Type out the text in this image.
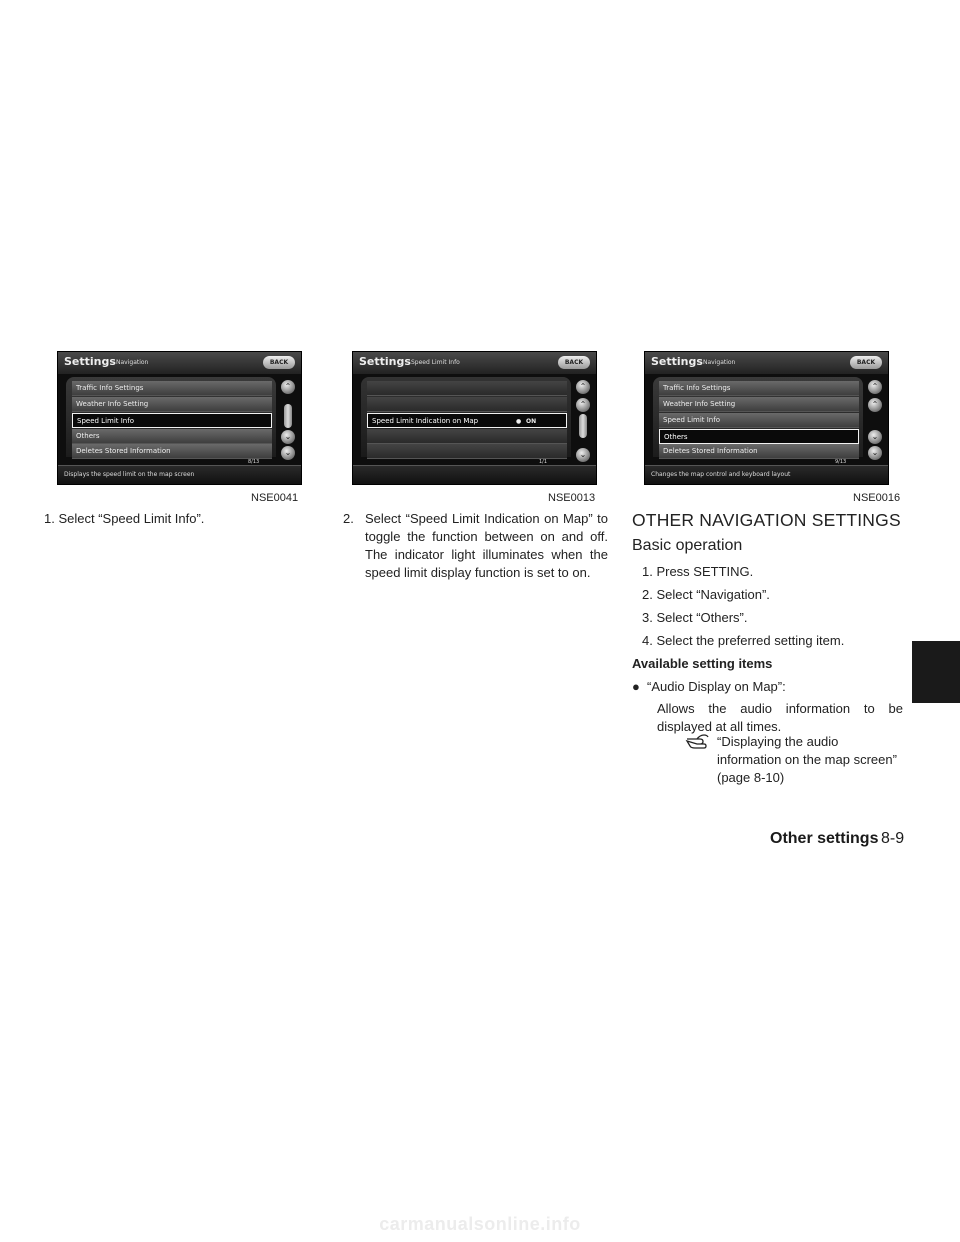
Settings Navigation	BACK
Traffic Info Settings
Weather Info Setting
Speed Limit Info
Others
Deletes Stored Information
⌃
⌄
⌄
Displays the speed limit on the map screen
8/13
NSE0041
Settings Speed Limit Info	BACK
Speed Limit Indication on Map	● ON
⌃
⌃
⌄
1/1
NSE0013
Settings Navigation	BACK
Traffic Info Settings
Weather Info Setting
Speed Limit Info
Others
Deletes Stored Information
⌃
⌃
⌄
⌄
Changes the map control and keyboard layout
9/13
NSE0016
1. Select “Speed Limit Info”.	2. Select “Speed Limit Indication on Map” to toggle the function between on and off. The indicator light illuminates when the speed limit display function is set to on.
OTHER NAVIGATION SETTINGS
Basic operation
1. Press SETTING.
2. Select “Navigation”.
3. Select “Others”.
4. Select the preferred setting item.
Available setting items
● “Audio Display on Map”:
Allows the audio information to be displayed at all times.
“Displaying the audio information on the map screen” (page 8-10)
Other settings 8-9
carmanualsonline.info
